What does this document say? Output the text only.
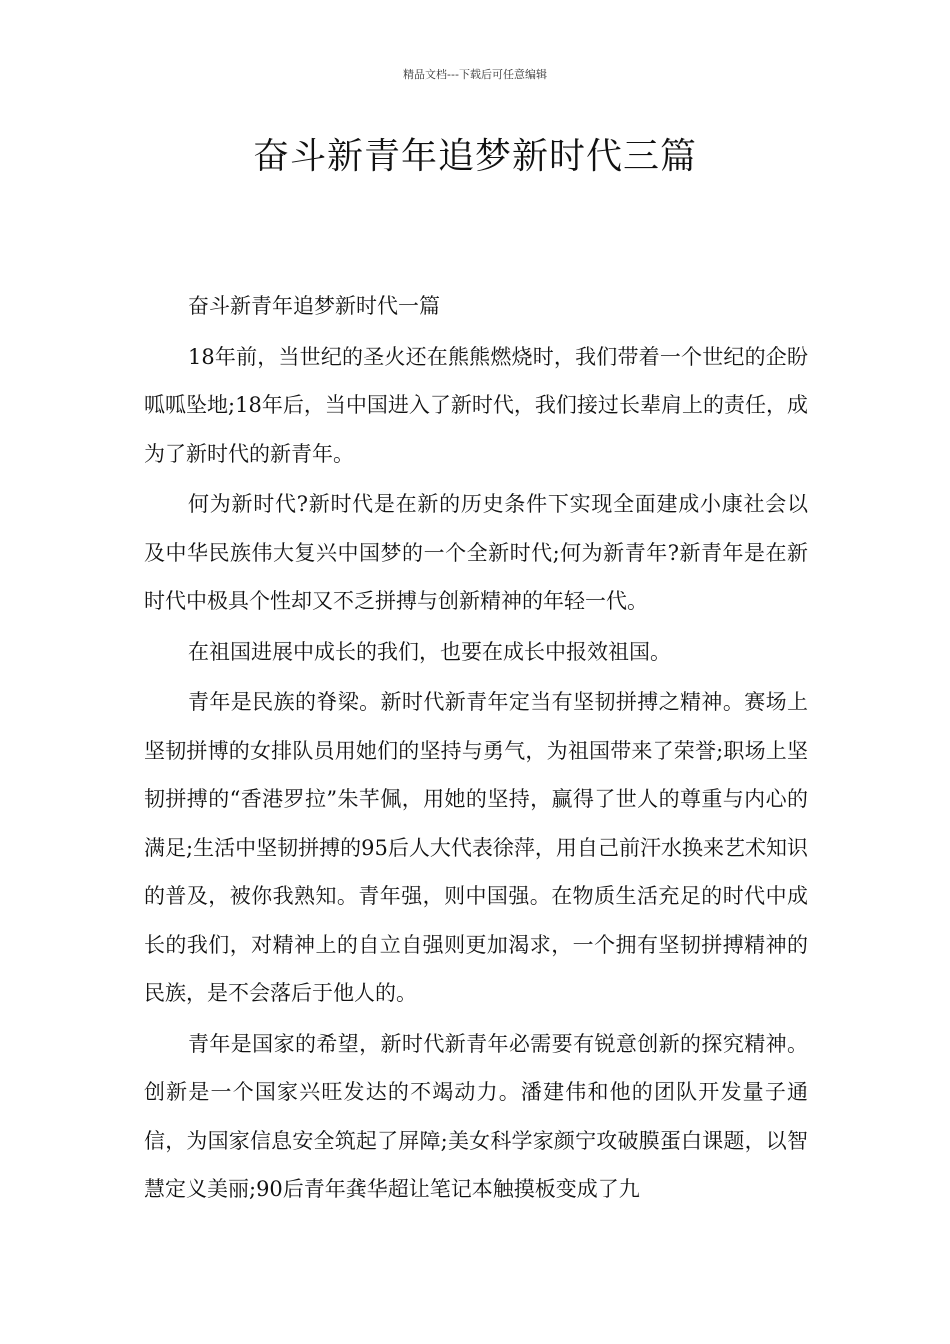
精品文档---下载后可任意编辑
奋斗新青年追梦新时代三篇

奋斗新青年追梦新时代一篇

18年前，当世纪的圣火还在熊熊燃烧时，我们带着一个世纪的企盼呱呱坠地;18年后，当中国进入了新时代，我们接过长辈肩上的责任，成为了新时代的新青年。

何为新时代?新时代是在新的历史条件下实现全面建成小康社会以及中华民族伟大复兴中国梦的一个全新时代;何为新青年?新青年是在新时代中极具个性却又不乏拼搏与创新精神的年轻一代。

在祖国进展中成长的我们，也要在成长中报效祖国。

青年是民族的脊梁。新时代新青年定当有坚韧拼搏之精神。赛场上坚韧拼博的女排队员用她们的坚持与勇气，为祖国带来了荣誉;职场上坚韧拼搏的“香港罗拉”朱芊佩，用她的坚持，赢得了世人的尊重与内心的满足;生活中坚韧拼搏的95后人大代表徐萍，用自己前汗水换来艺术知识的普及，被你我熟知。青年强，则中国强。在物质生活充足的时代中成长的我们，对精神上的自立自强则更加渴求，一个拥有坚韧拼搏精神的民族，是不会落后于他人的。

青年是国家的希望，新时代新青年必需要有锐意创新的探究精神。创新是一个国家兴旺发达的不竭动力。潘建伟和他的团队开发量子通信，为国家信息安全筑起了屏障;美女科学家颜宁攻破膜蛋白课题，以智慧定义美丽;90后青年龚华超让笔记本触摸板变成了九
